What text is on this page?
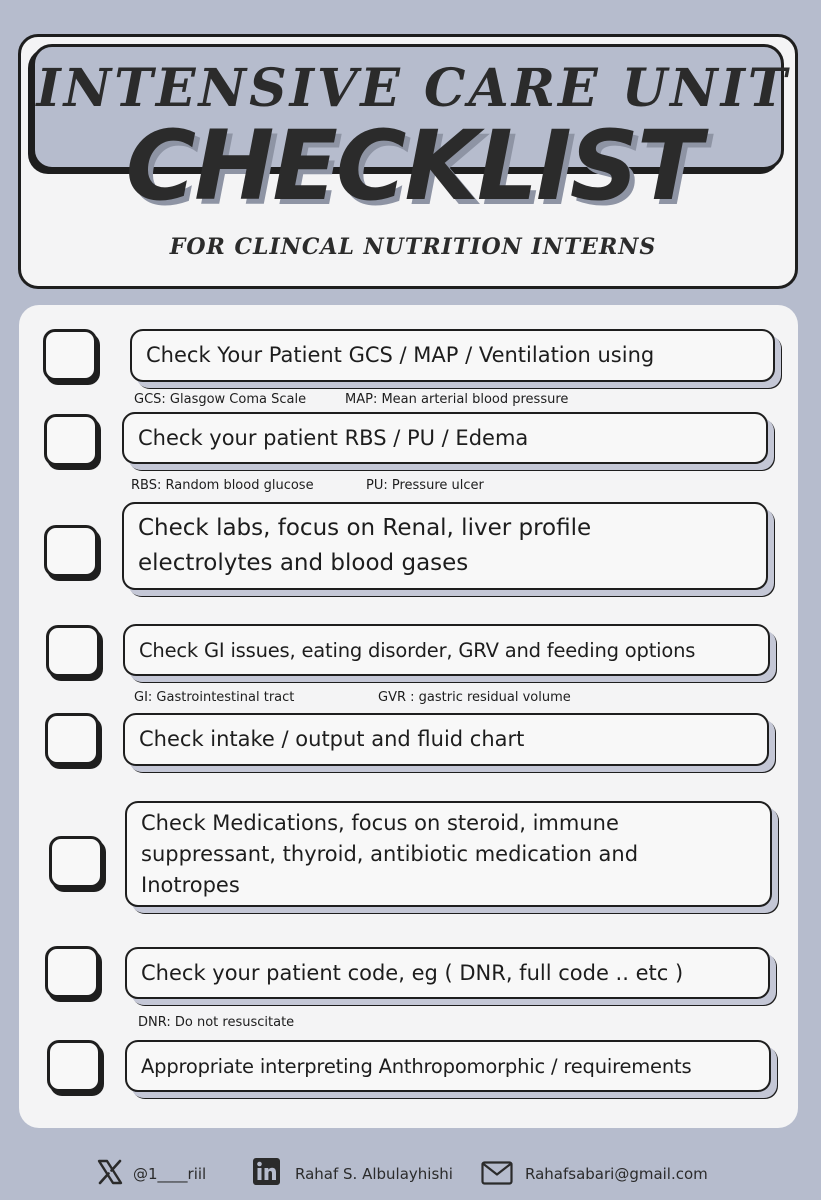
INTENSIVE CARE UNIT
CHECKLIST
FOR CLINCAL NUTRITION INTERNS
Check Your Patient GCS / MAP / Ventilation using
GCS: Glasgow Coma Scale	MAP: Mean arterial blood pressure
Check your patient RBS / PU / Edema
RBS: Random blood glucose	PU: Pressure ulcer
Check labs, focus on Renal, liver profile
electrolytes and blood gases
Check GI issues, eating disorder, GRV and feeding options
GI: Gastrointestinal tract	GVR : gastric residual volume
Check intake / output and fluid chart
Check Medications, focus on steroid, immune
suppressant, thyroid, antibiotic medication and
Inotropes
Check your patient code, eg ( DNR, full code .. etc )
DNR: Do not resuscitate
Appropriate interpreting Anthropomorphic / requirements
@1____riil	Rahaf S. Albulayhishi	Rahafsabari@gmail.com
